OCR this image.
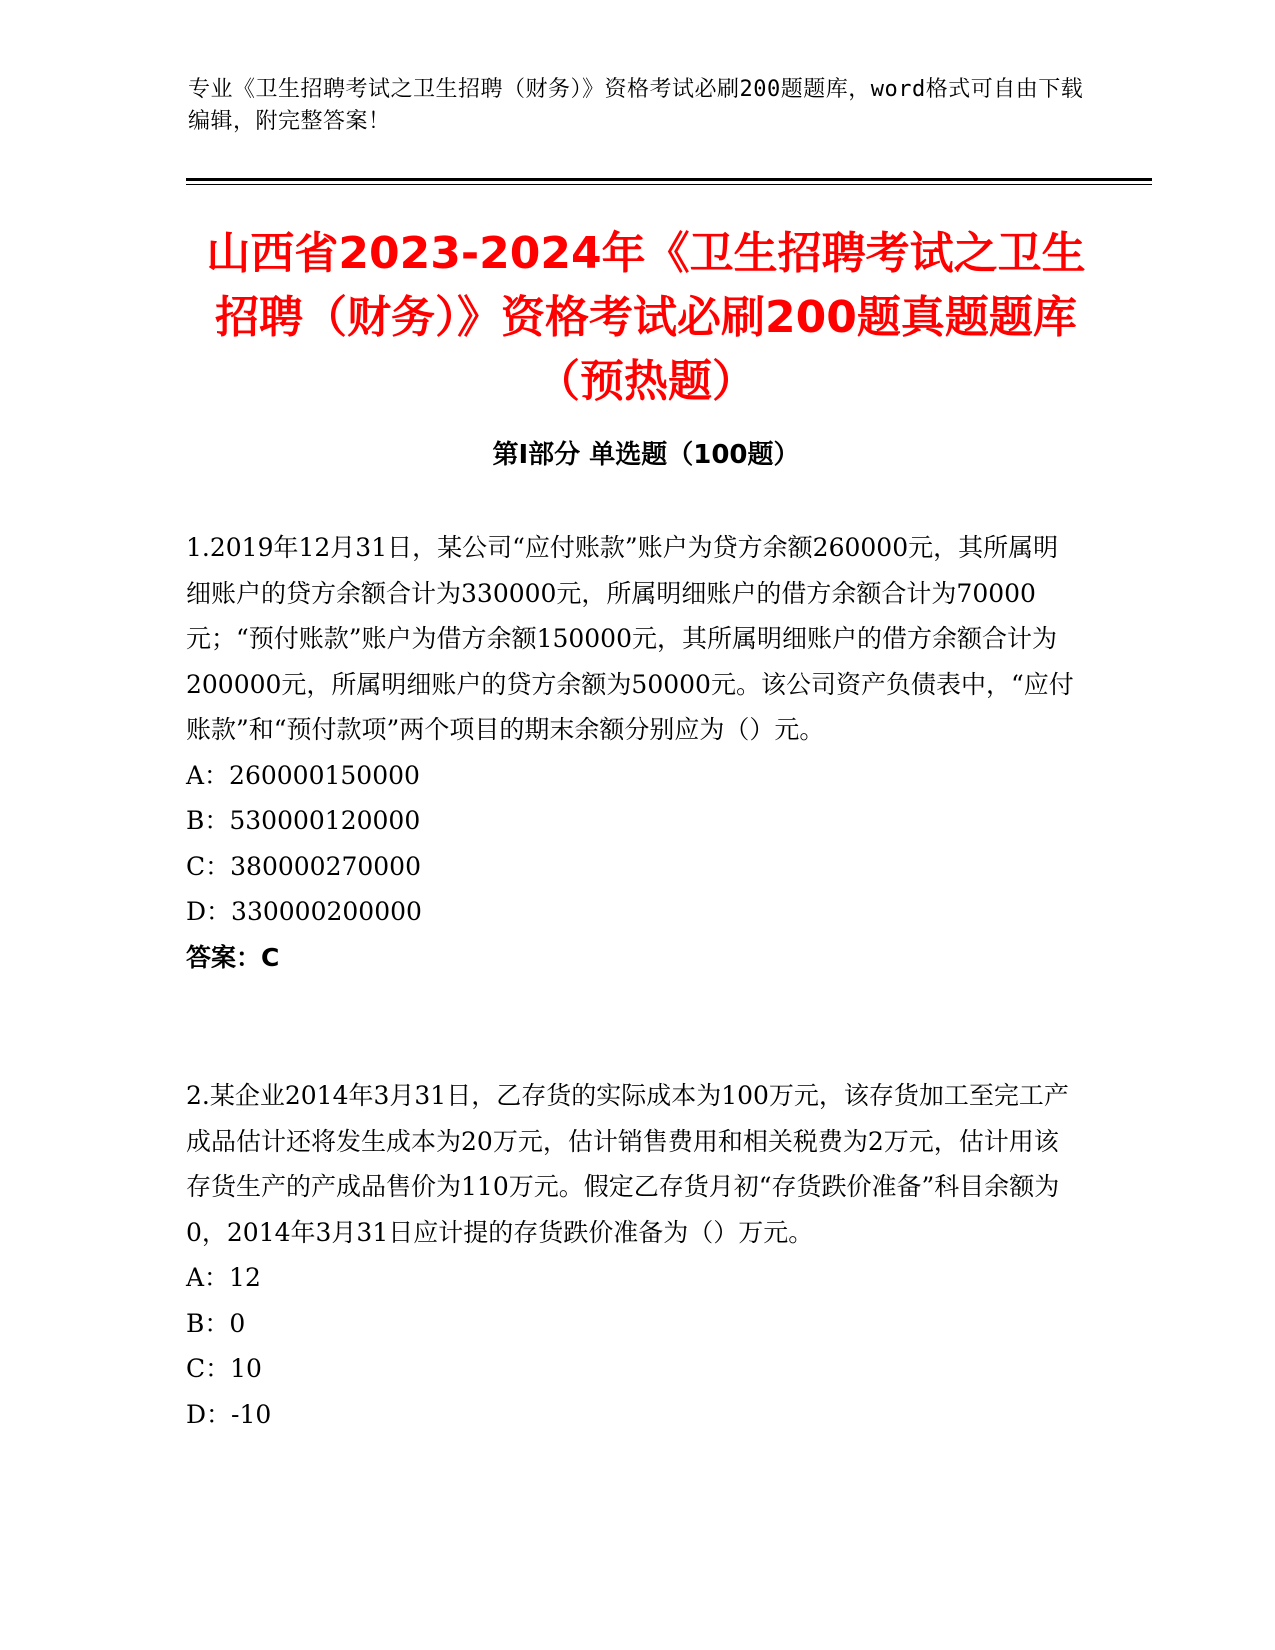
专业《卫生招聘考试之卫生招聘（财务）》资格考试必刷200题题库，word格式可自由下载编辑，附完整答案！
山西省2023-2024年《卫生招聘考试之卫生招聘（财务）》资格考试必刷200题真题题库（预热题）
第Ⅰ部分 单选题（100题）

1.2019年12月31日，某公司“应付账款”账户为贷方余额260000元，其所属明细账户的贷方余额合计为330000元，所属明细账户的借方余额合计为70000元；“预付账款”账户为借方余额150000元，其所属明细账户的借方余额合计为200000元，所属明细账户的贷方余额为50000元。该公司资产负债表中，“应付账款”和“预付款项”两个项目的期末余额分别应为（）元。

A：260000150000

B：530000120000

C：380000270000

D：330000200000

答案：C

2.某企业2014年3月31日，乙存货的实际成本为100万元，该存货加工至完工产成品估计还将发生成本为20万元，估计销售费用和相关税费为2万元，估计用该存货生产的产成品售价为110万元。假定乙存货月初“存货跌价准备”科目余额为0，2014年3月31日应计提的存货跌价准备为（）万元。

A：12

B：0

C：10

D：-10
